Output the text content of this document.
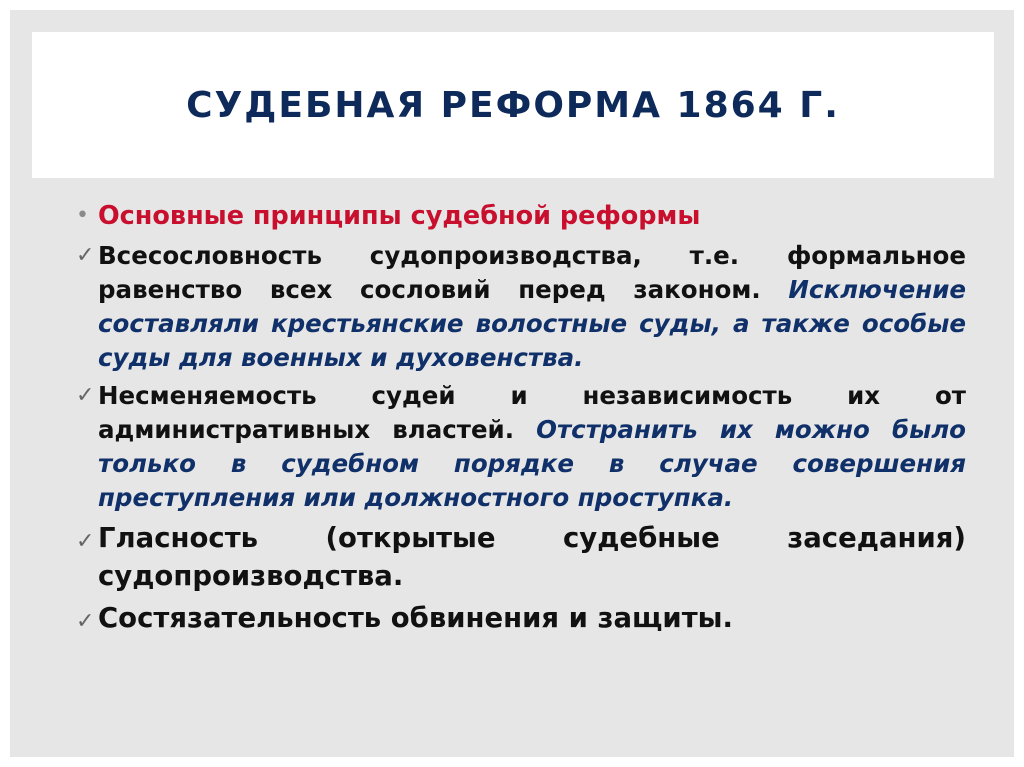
СУДЕБНАЯ РЕФОРМА 1864 Г.
• Основные принципы судебной реформы
✓ Всесословность судопроизводства, т.е. формальное равенство всех сословий перед законом. Исключение составляли крестьянские волостные суды, а также особые суды для военных и духовенства.
✓ Несменяемость судей и независимость их от административных властей. Отстранить их можно было только в судебном порядке в случае совершения преступления или должностного проступка.
✓ Гласность (открытые судебные заседания) судопроизводства.
✓ Состязательность обвинения и защиты.
